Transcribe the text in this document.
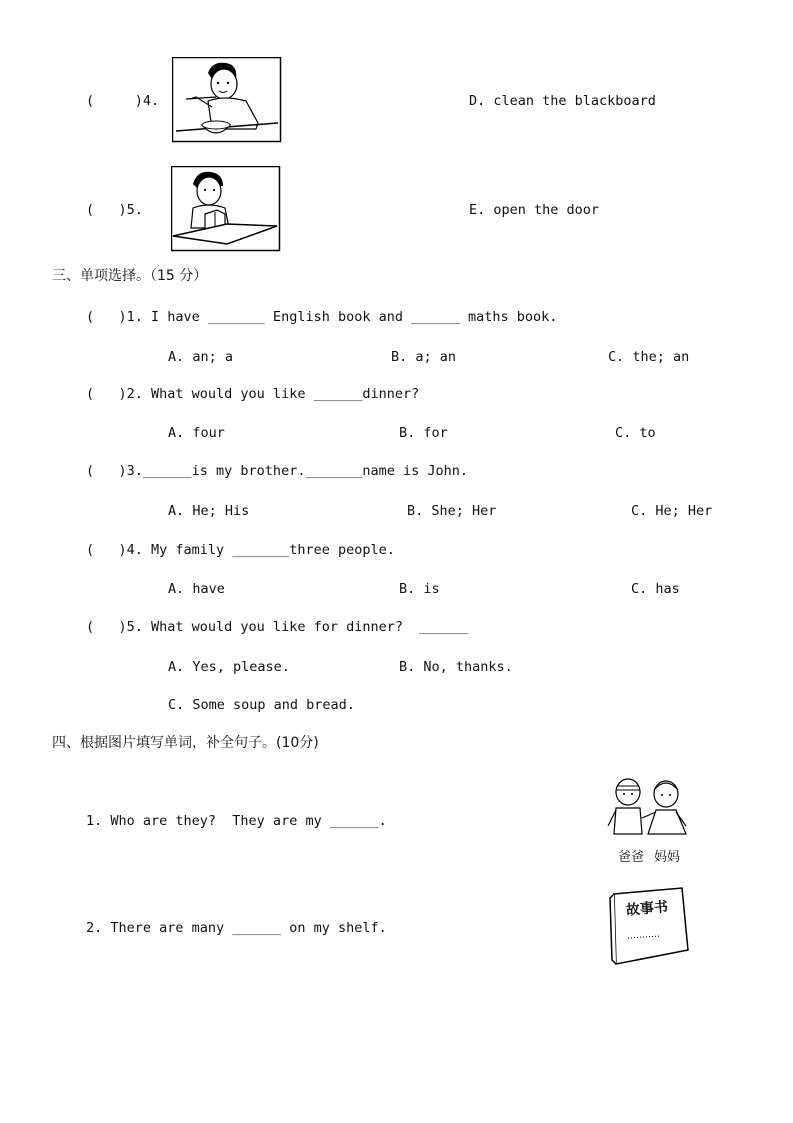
(     )4.	D. clean the blackboard
(   )5.	E. open the door
三、单项选择。（15 分）
(   )1. I have _______ English book and ______ maths book.
A. an; a	B. a; an	C. the; an
(   )2. What would you like ______dinner?
A. four	B. for	C. to
(   )3.______is my brother._______name is John.
A. He; His	B. She; Her	C. He; Her
(   )4. My family _______three people.
A. have	B. is	C. has
(   )5. What would you like for dinner?  ______
A. Yes, please.	B. No, thanks.
C. Some soup and bread.
四、根据图片填写单词，补全句子。(10分)
1. Who are they?  They are my ______.
爸爸 妈妈
2. There are many ______ on my shelf.
故事书
